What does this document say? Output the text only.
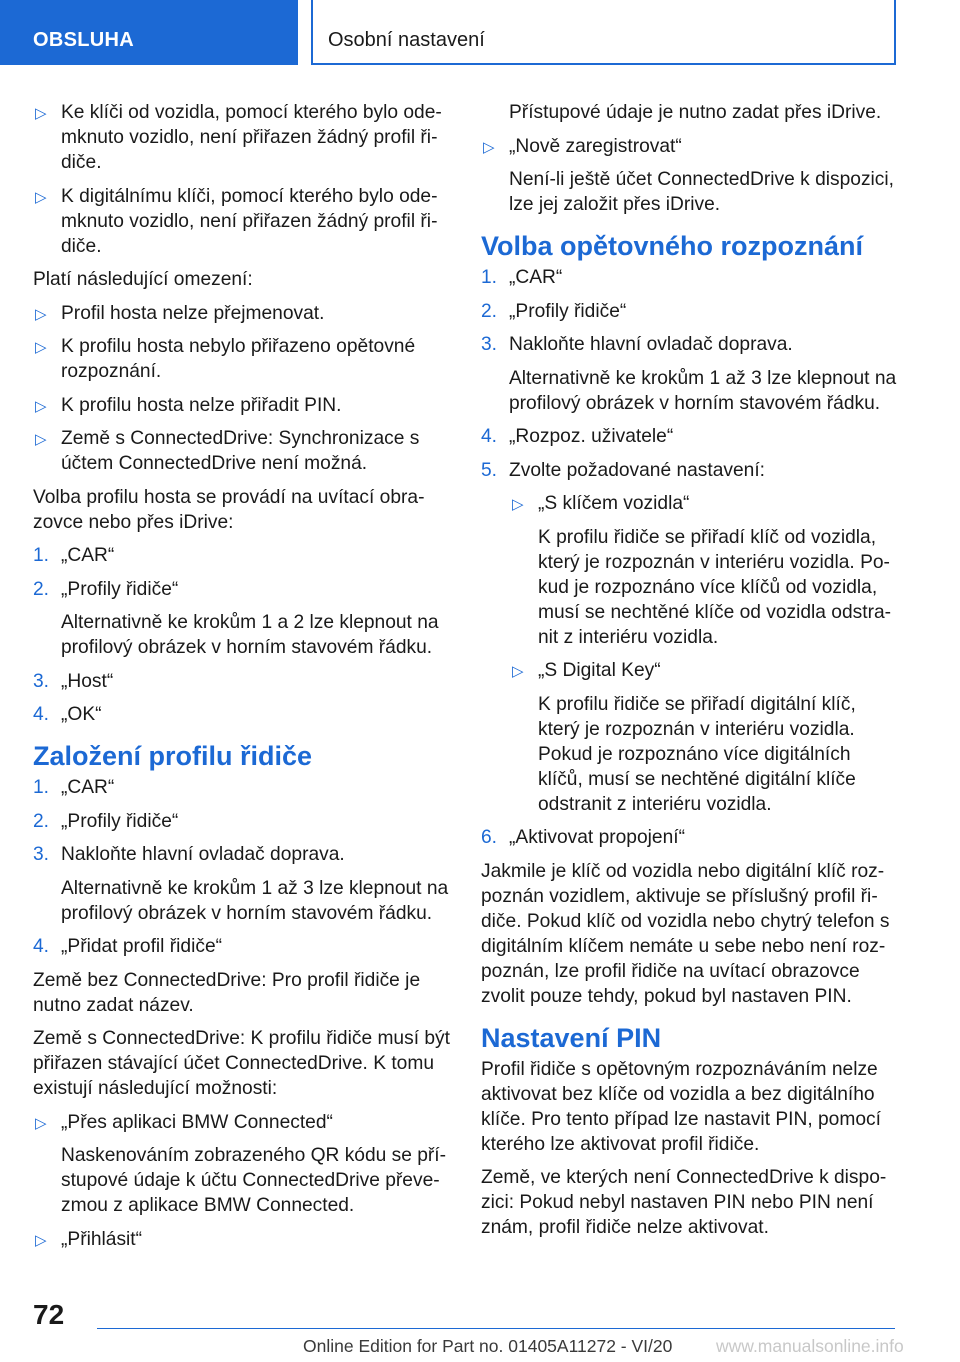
OBSLUHA	Osobní nastavení
▷ Ke klíči od vozidla, pomocí kterého bylo odemknuto vozidlo, není přiřazen žádný profil řidiče.
▷ K digitálnímu klíči, pomocí kterého bylo odemknuto vozidlo, není přiřazen žádný profil řidiče.
Platí následující omezení:
▷ Profil hosta nelze přejmenovat.
▷ K profilu hosta nebylo přiřazeno opětovné rozpoznání.
▷ K profilu hosta nelze přiřadit PIN.
▷ Země s ConnectedDrive: Synchronizace s účtem ConnectedDrive není možná.
Volba profilu hosta se provádí na uvítací obrazovce nebo přes iDrive:
1. „CAR“
2. „Profily řidiče“
Alternativně ke krokům 1 a 2 lze klepnout na profilový obrázek v horním stavovém řádku.
3. „Host“
4. „OK“
Založení profilu řidiče
1. „CAR“
2. „Profily řidiče“
3. Nakloňte hlavní ovladač doprava.
Alternativně ke krokům 1 až 3 lze klepnout na profilový obrázek v horním stavovém řádku.
4. „Přidat profil řidiče“
Země bez ConnectedDrive: Pro profil řidiče je nutno zadat název.
Země s ConnectedDrive: K profilu řidiče musí být přiřazen stávající účet ConnectedDrive. K tomu existují následující možnosti:
▷ „Přes aplikaci BMW Connected“
Naskenováním zobrazeného QR kódu se přístupové údaje k účtu ConnectedDrive převezmou z aplikace BMW Connected.
▷ „Přihlásit“
Přístupové údaje je nutno zadat přes iDrive.
▷ „Nově zaregistrovat“
Není-li ještě účet ConnectedDrive k dispozici, lze jej založit přes iDrive.
Volba opětovného rozpoznání
1. „CAR“
2. „Profily řidiče“
3. Nakloňte hlavní ovladač doprava.
Alternativně ke krokům 1 až 3 lze klepnout na profilový obrázek v horním stavovém řádku.
4. „Rozpoz. uživatele“
5. Zvolte požadované nastavení:
▷ „S klíčem vozidla“
K profilu řidiče se přiřadí klíč od vozidla, který je rozpoznán v interiéru vozidla. Pokud je rozpoznáno více klíčů od vozidla, musí se nechtěné klíče od vozidla odstranit z interiéru vozidla.
▷ „S Digital Key“
K profilu řidiče se přiřadí digitální klíč, který je rozpoznán v interiéru vozidla. Pokud je rozpoznáno více digitálních klíčů, musí se nechtěné digitální klíče odstranit z interiéru vozidla.
6. „Aktivovat propojení“
Jakmile je klíč od vozidla nebo digitální klíč rozpoznán vozidlem, aktivuje se příslušný profil řidiče. Pokud klíč od vozidla nebo chytrý telefon s digitálním klíčem nemáte u sebe nebo není rozpoznán, lze profil řidiče na uvítací obrazovce zvolit pouze tehdy, pokud byl nastaven PIN.
Nastavení PIN
Profil řidiče s opětovným rozpoznáváním nelze aktivovat bez klíče od vozidla a bez digitálního klíče. Pro tento případ lze nastavit PIN, pomocí kterého lze aktivovat profil řidiče.
Země, ve kterých není ConnectedDrive k dispozici: Pokud nebyl nastaven PIN nebo PIN není znám, profil řidiče nelze aktivovat.
72
Online Edition for Part no. 01405A11272 - VI/20 www.manualsonline.info
